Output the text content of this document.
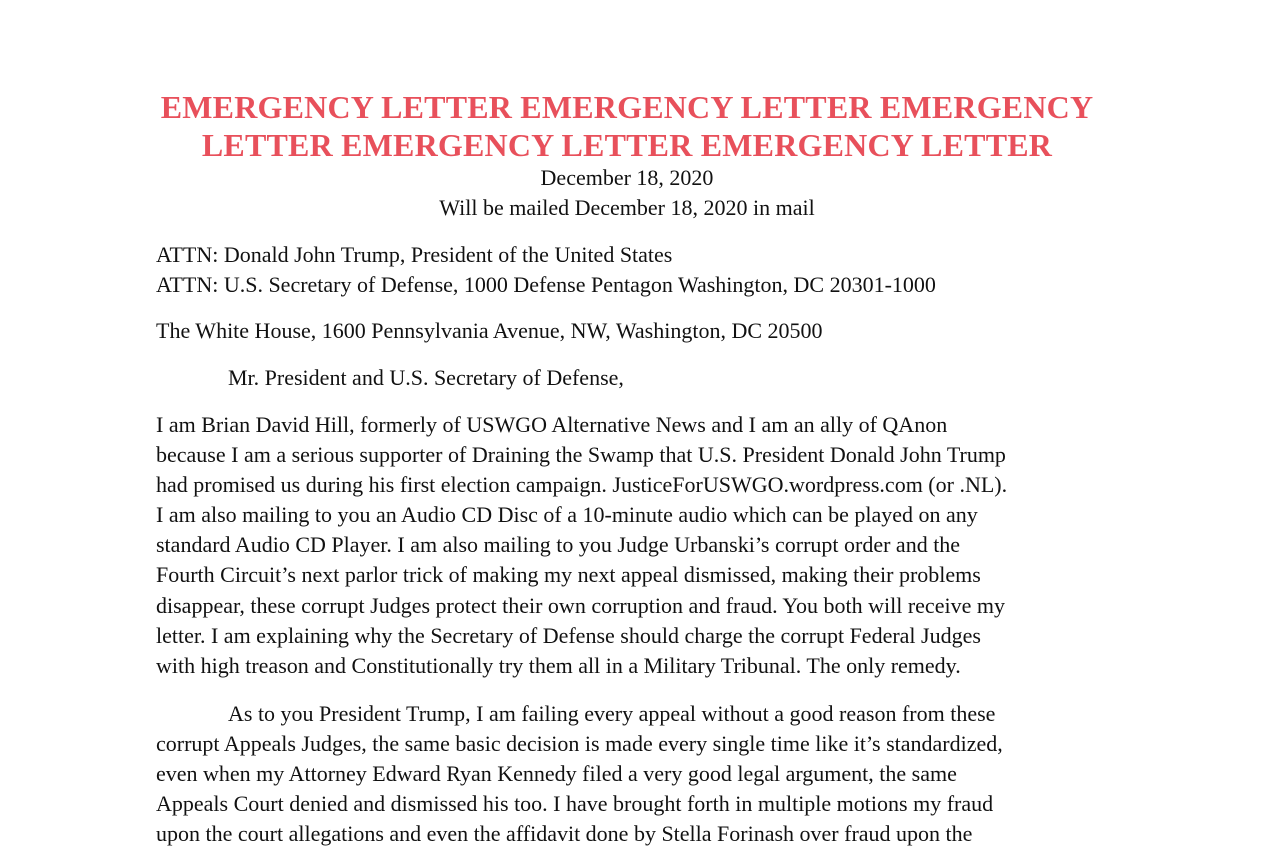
EMERGENCY LETTER EMERGENCY LETTER EMERGENCY
LETTER EMERGENCY LETTER EMERGENCY LETTER
December 18, 2020
Will be mailed December 18, 2020 in mail
ATTN: Donald John Trump, President of the United States
ATTN: U.S. Secretary of Defense, 1000 Defense Pentagon Washington, DC 20301-1000
The White House, 1600 Pennsylvania Avenue, NW, Washington, DC 20500
Mr. President and U.S. Secretary of Defense,
I am Brian David Hill, formerly of USWGO Alternative News and I am an ally of QAnon
because I am a serious supporter of Draining the Swamp that U.S. President Donald John Trump
had promised us during his first election campaign. JusticeForUSWGO.wordpress.com (or .NL).
I am also mailing to you an Audio CD Disc of a 10-minute audio which can be played on any
standard Audio CD Player. I am also mailing to you Judge Urbanski’s corrupt order and the
Fourth Circuit’s next parlor trick of making my next appeal dismissed, making their problems
disappear, these corrupt Judges protect their own corruption and fraud. You both will receive my
letter. I am explaining why the Secretary of Defense should charge the corrupt Federal Judges
with high treason and Constitutionally try them all in a Military Tribunal. The only remedy.
As to you President Trump, I am failing every appeal without a good reason from these
corrupt Appeals Judges, the same basic decision is made every single time like it’s standardized,
even when my Attorney Edward Ryan Kennedy filed a very good legal argument, the same
Appeals Court denied and dismissed his too. I have brought forth in multiple motions my fraud
upon the court allegations and even the affidavit done by Stella Forinash over fraud upon the
